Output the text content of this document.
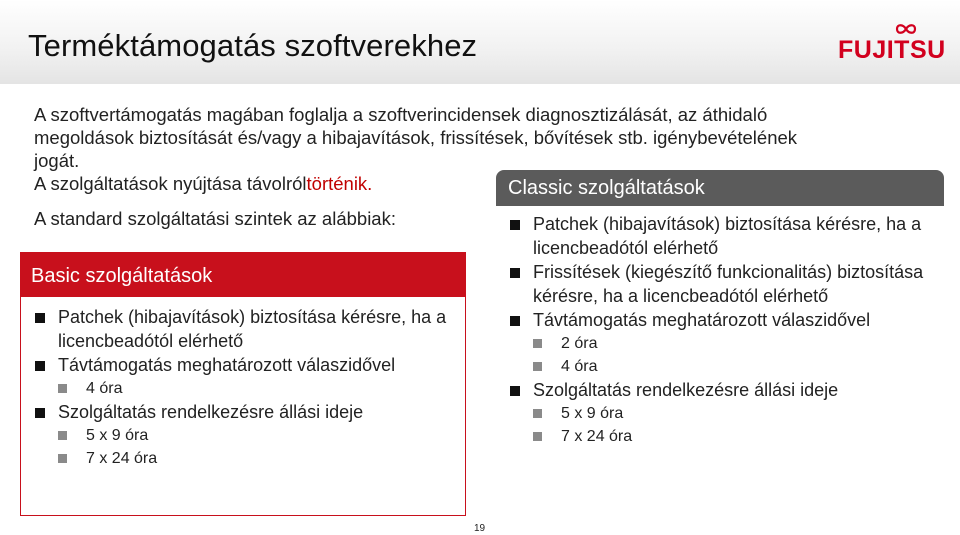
Terméktámogatás szoftverekhez	FUJITSU

A szoftvertámogatás magában foglalja a szoftverincidensek diagnosztizálását, az áthidaló

megoldások biztosítását és/vagy a hibajavítások, frissítések, bővítések stb. igénybevételének

jogát.

A szolgáltatások nyújtása távolróltörténik.

A standard szolgáltatási szintek az alábbiak:
Basic szolgáltatások
Patchek (hibajavítások) biztosítása kérésre, ha a licencbeadótól elérhető
Távtámogatás meghatározott válaszidővel
4 óra
Szolgáltatás rendelkezésre állási ideje
5 x 9 óra
7 x 24 óra
Classic szolgáltatások
Patchek (hibajavítások) biztosítása kérésre, ha a licencbeadótól elérhető
Frissítések (kiegészítő funkcionalitás) biztosítása kérésre, ha a licencbeadótól elérhető
Távtámogatás meghatározott válaszidővel
2 óra
4 óra
Szolgáltatás rendelkezésre állási ideje
5 x 9 óra
7 x 24 óra
19
